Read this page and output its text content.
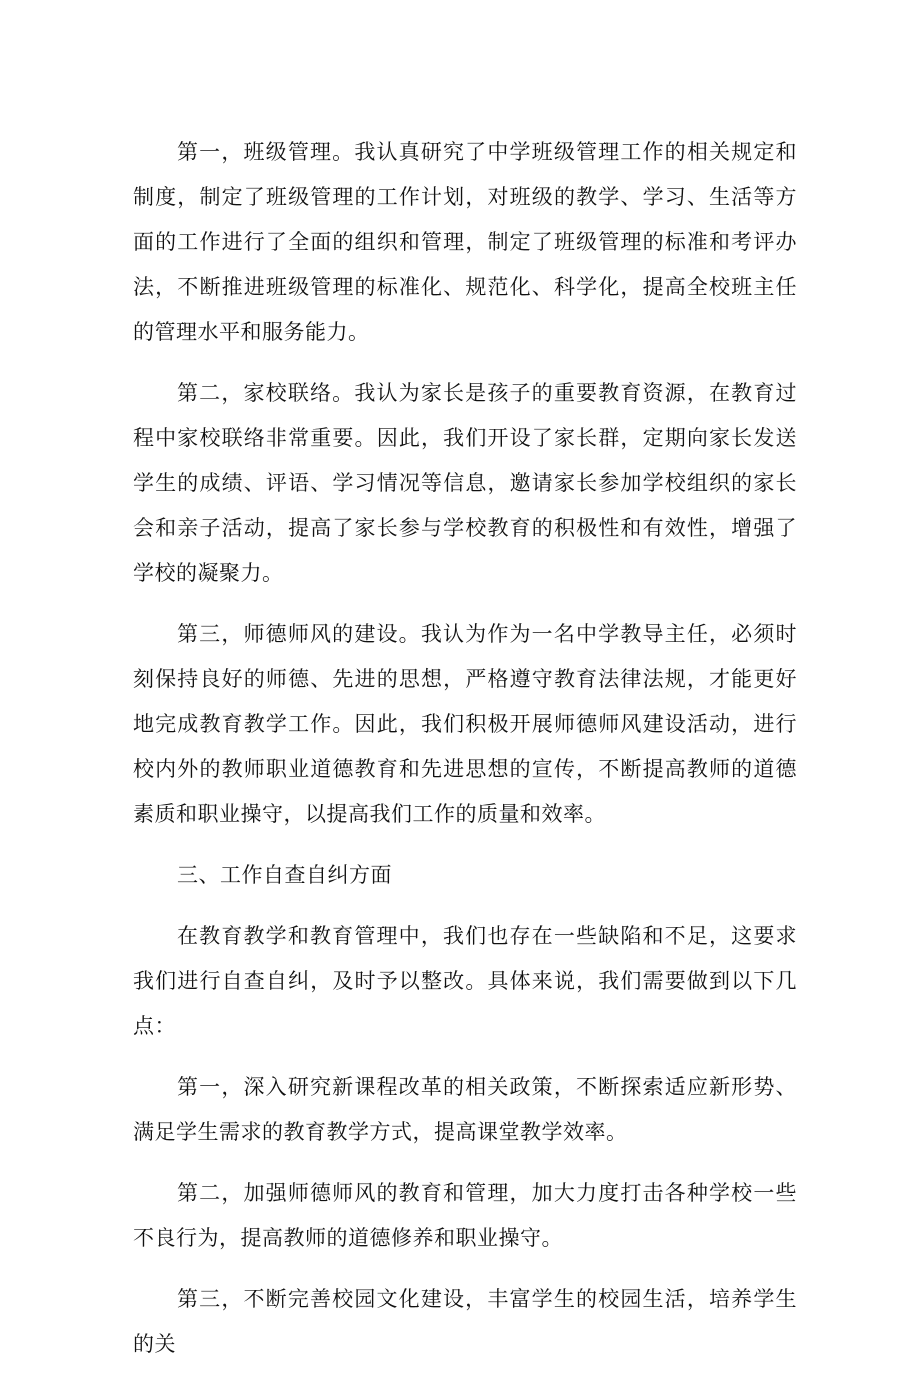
第一，班级管理。我认真研究了中学班级管理工作的相关规定和制度，制定了班级管理的工作计划，对班级的教学、学习、生活等方面的工作进行了全面的组织和管理，制定了班级管理的标准和考评办法，不断推进班级管理的标准化、规范化、科学化，提高全校班主任的管理水平和服务能力。

第二，家校联络。我认为家长是孩子的重要教育资源，在教育过程中家校联络非常重要。因此，我们开设了家长群，定期向家长发送学生的成绩、评语、学习情况等信息，邀请家长参加学校组织的家长会和亲子活动，提高了家长参与学校教育的积极性和有效性，增强了学校的凝聚力。

第三，师德师风的建设。我认为作为一名中学教导主任，必须时刻保持良好的师德、先进的思想，严格遵守教育法律法规，才能更好地完成教育教学工作。因此，我们积极开展师德师风建设活动，进行校内外的教师职业道德教育和先进思想的宣传，不断提高教师的道德素质和职业操守，以提高我们工作的质量和效率。

三、工作自查自纠方面

在教育教学和教育管理中，我们也存在一些缺陷和不足，这要求我们进行自查自纠，及时予以整改。具体来说，我们需要做到以下几点：

第一，深入研究新课程改革的相关政策，不断探索适应新形势、满足学生需求的教育教学方式，提高课堂教学效率。

第二，加强师德师风的教育和管理，加大力度打击各种学校一些不良行为，提高教师的道德修养和职业操守。

第三，不断完善校园文化建设，丰富学生的校园生活，培养学生的关
